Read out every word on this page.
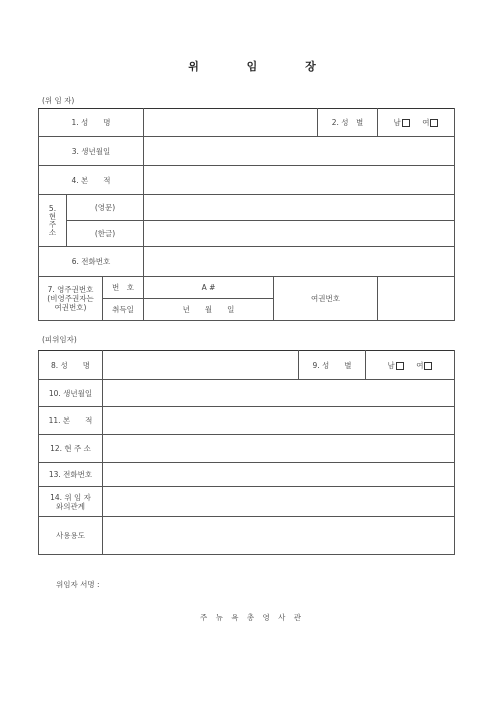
위 임 장
(위 임 자)
1. 성　　명					2. 성　별	남 여
3. 생년월일						
4. 본　　적						
5.
현주소	(영문)					
	(한글)					
6. 전화번호						
7. 영주권번호
(비영주권자는
여권번호)		번　호	A #	여권번호		
		취득일	년　　월　　일			
(피위임자)
8. 성　　명		9. 성　　별	남 여
10. 생년월일			
11. 본　　적			
12. 현 주 소			
13. 전화번호			
14. 위 임 자
와의관계			
사용용도			
위임자 서명 :
주 뉴 욕 총 영 사 관
